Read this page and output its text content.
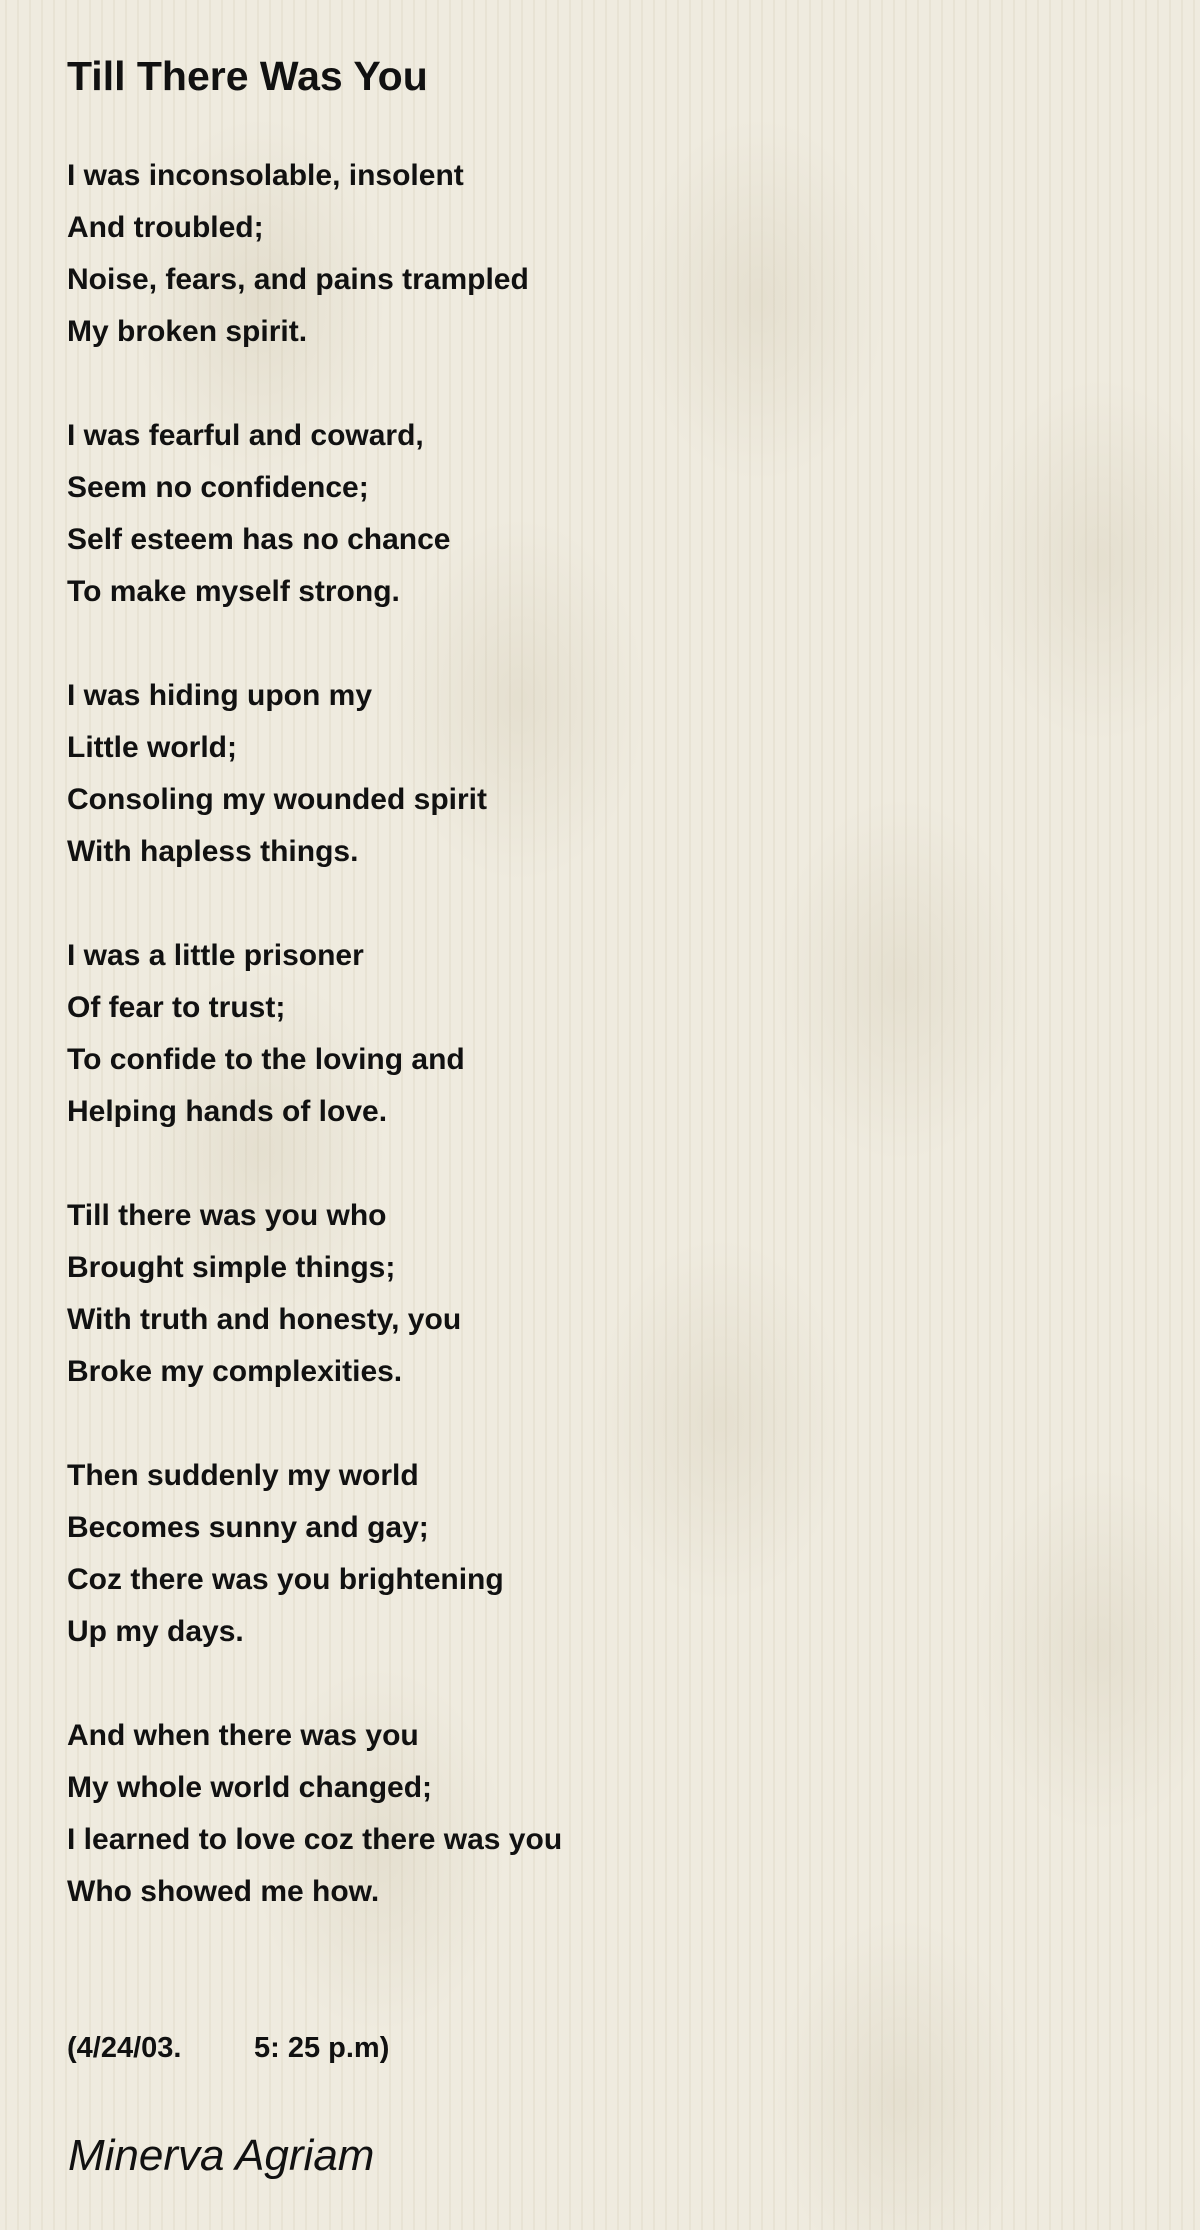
Till There Was You
I was inconsolable, insolent
And troubled;
Noise, fears, and pains trampled
My broken spirit.
I was fearful and coward,
Seem no confidence;
Self esteem has no chance
To make myself strong.
I was hiding upon my
Little world;
Consoling my wounded spirit
With hapless things.
I was a little prisoner
Of fear to trust;
To confide to the loving and
Helping hands of love.
Till there was you who
Brought simple things;
With truth and honesty, you
Broke my complexities.
Then suddenly my world
Becomes sunny and gay;
Coz there was you brightening
Up my days.
And when there was you
My whole world changed;
I learned to love coz there was you
Who showed me how.
(4/24/03.         5: 25 p.m)
Minerva Agriam
